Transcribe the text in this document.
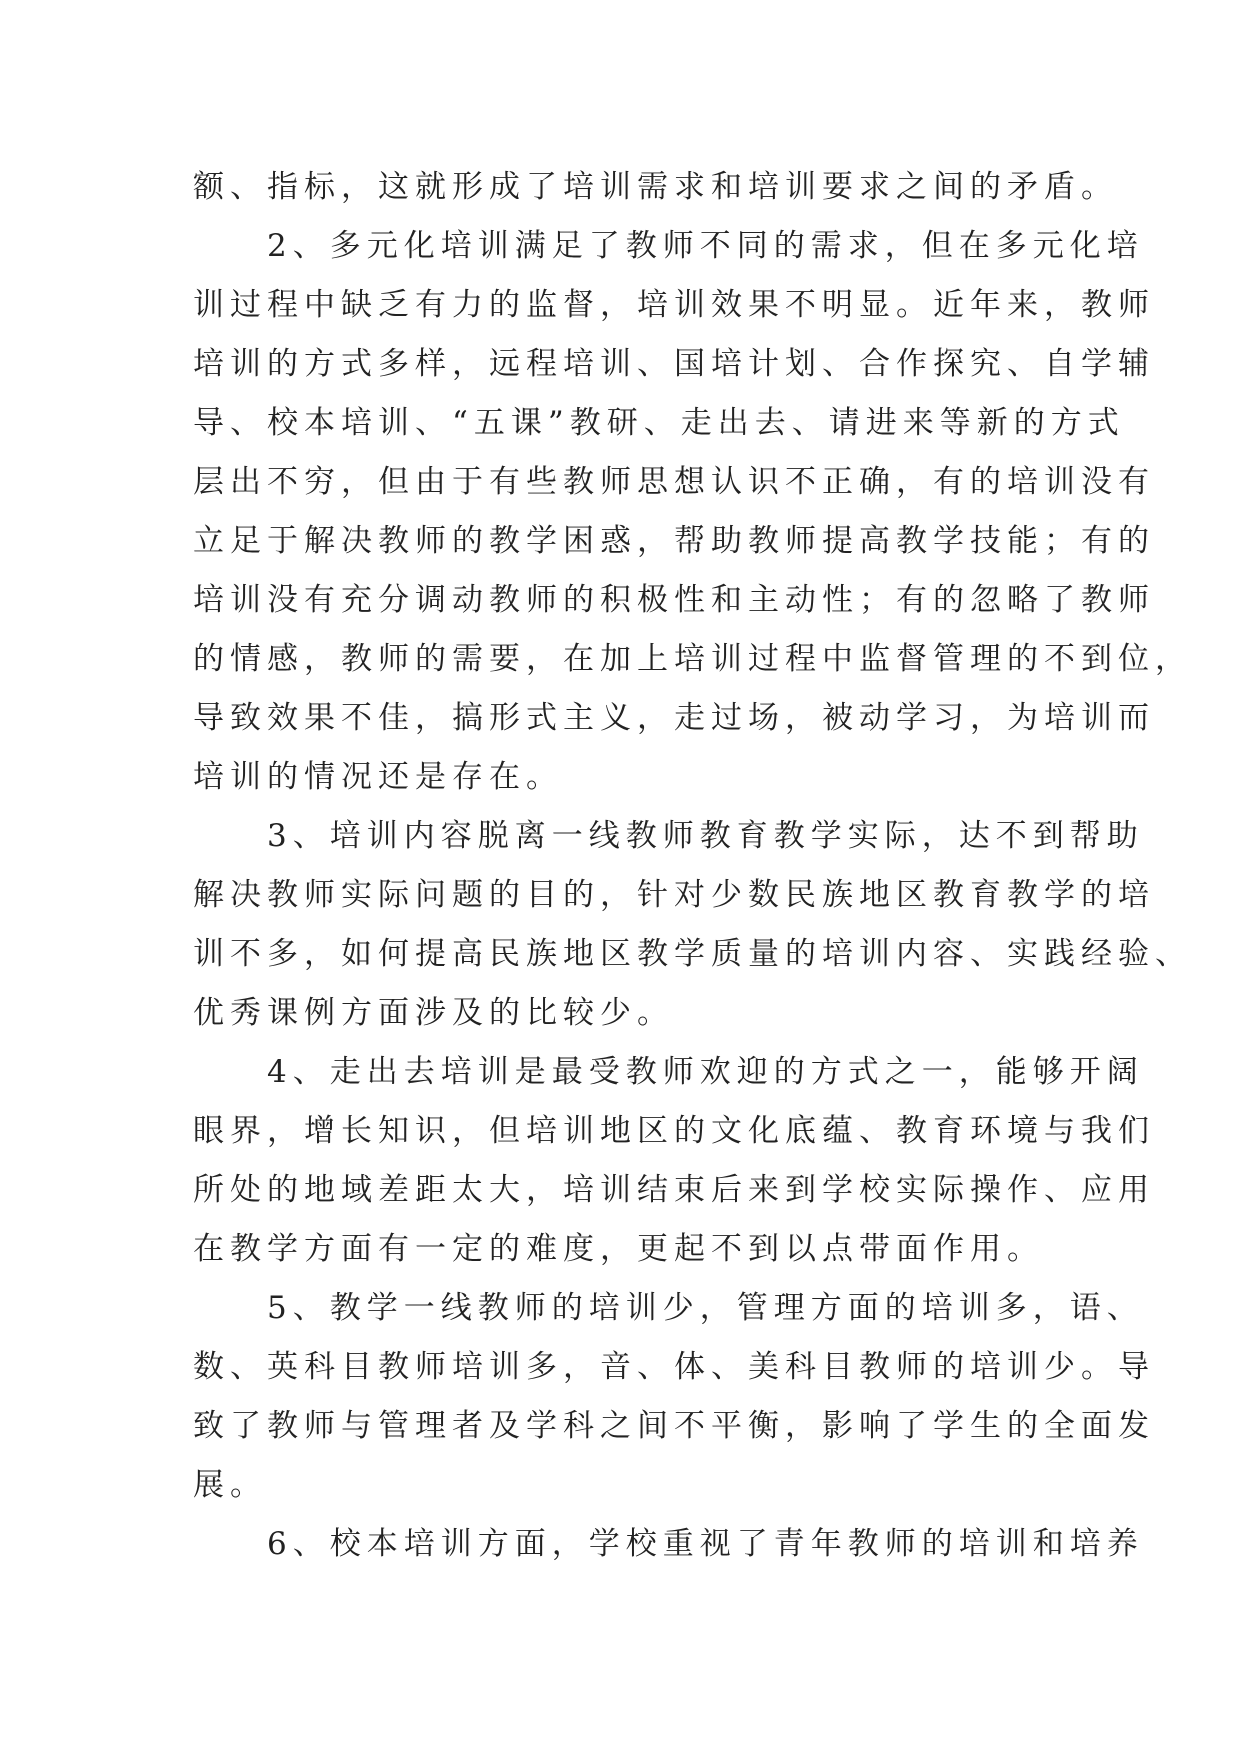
额、指标，这就形成了培训需求和培训要求之间的矛盾。
　　2、多元化培训满足了教师不同的需求，但在多元化培
训过程中缺乏有力的监督，培训效果不明显。近年来，教师
培训的方式多样，远程培训、国培计划、合作探究、自学辅
导、校本培训、“五课”教研、走出去、请进来等新的方式
层出不穷，但由于有些教师思想认识不正确，有的培训没有
立足于解决教师的教学困惑，帮助教师提高教学技能；有的
培训没有充分调动教师的积极性和主动性；有的忽略了教师
的情感，教师的需要，在加上培训过程中监督管理的不到位，
导致效果不佳，搞形式主义，走过场，被动学习，为培训而
培训的情况还是存在。
　　3、培训内容脱离一线教师教育教学实际，达不到帮助
解决教师实际问题的目的，针对少数民族地区教育教学的培
训不多，如何提高民族地区教学质量的培训内容、实践经验、
优秀课例方面涉及的比较少。
　　4、走出去培训是最受教师欢迎的方式之一，能够开阔
眼界，增长知识，但培训地区的文化底蕴、教育环境与我们
所处的地域差距太大，培训结束后来到学校实际操作、应用
在教学方面有一定的难度，更起不到以点带面作用。
　　5、教学一线教师的培训少，管理方面的培训多，语、
数、英科目教师培训多，音、体、美科目教师的培训少。导
致了教师与管理者及学科之间不平衡，影响了学生的全面发
展。
　　6、校本培训方面，学校重视了青年教师的培训和培养
